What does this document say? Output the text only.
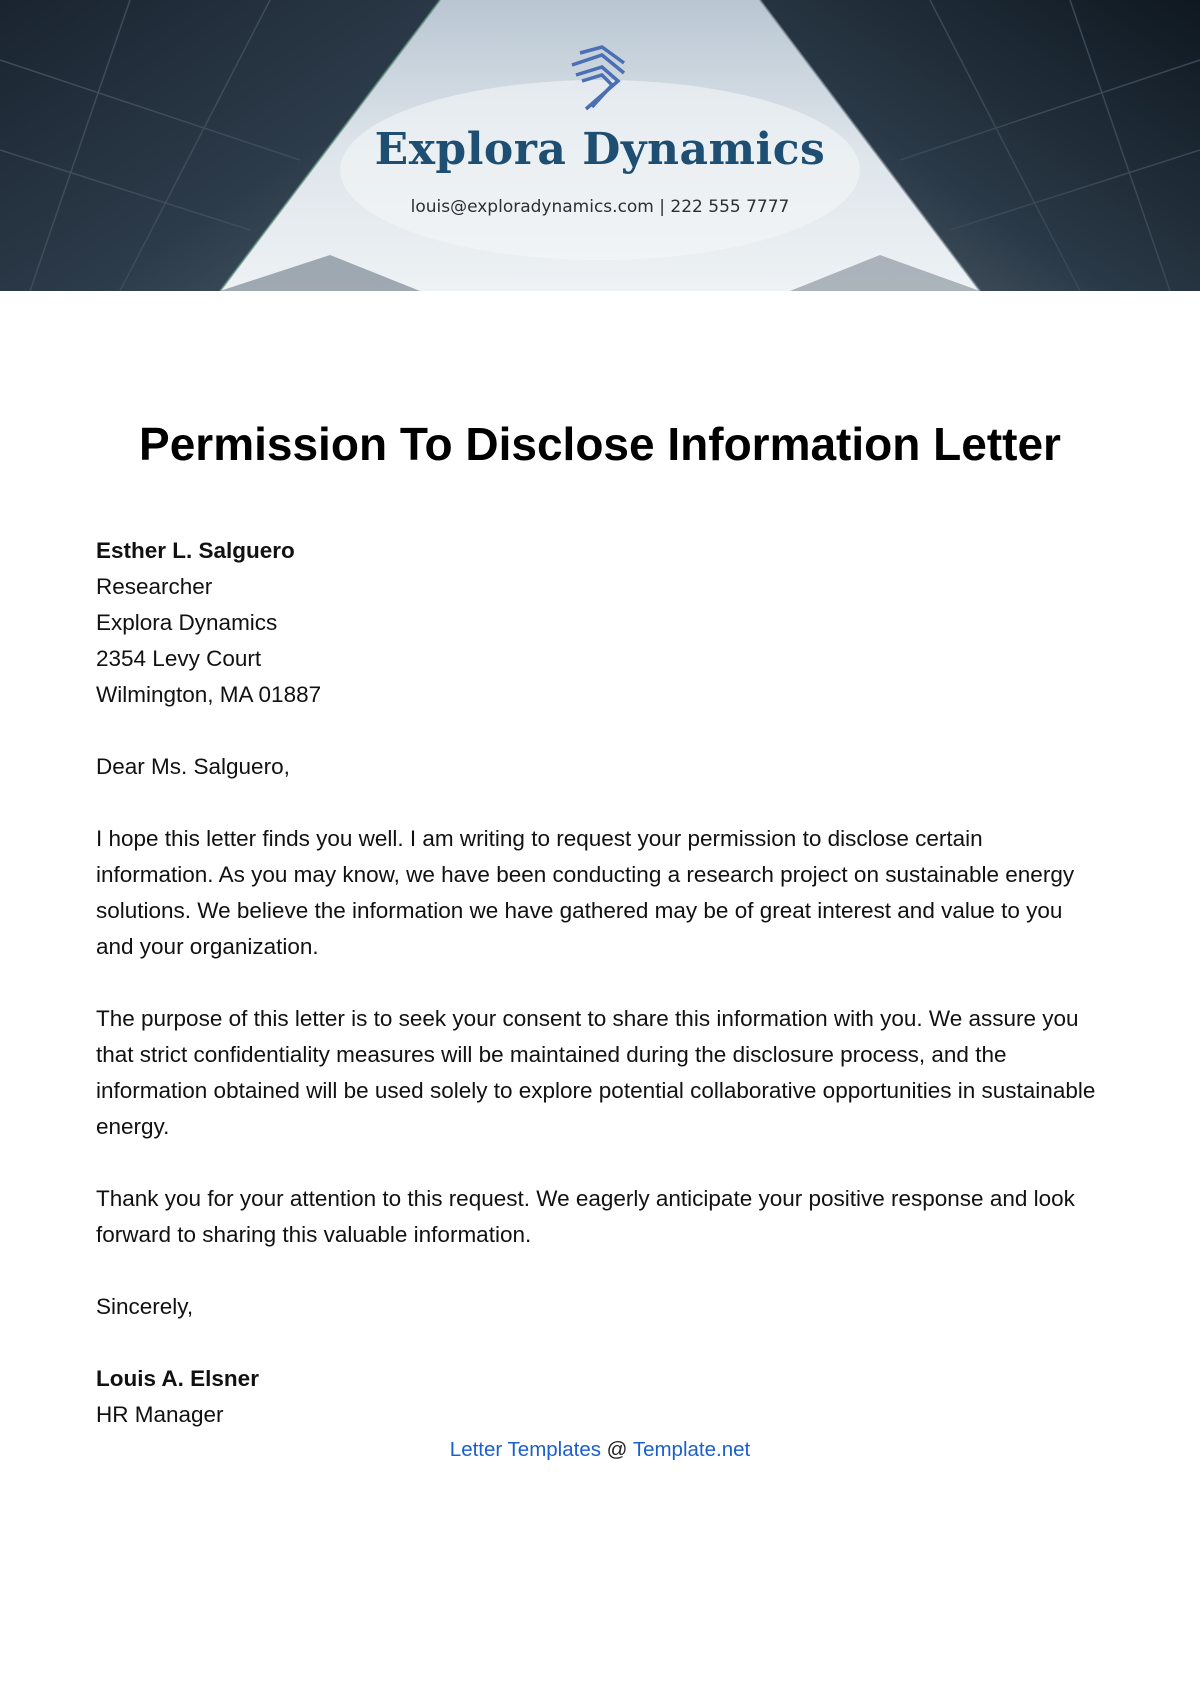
Explora Dynamics
louis@exploradynamics.com | 222 555 7777
Permission To Disclose Information Letter
Esther L. Salguero
Researcher
Explora Dynamics
2354 Levy Court
Wilmington, MA 01887
Dear Ms. Salguero,
I hope this letter finds you well. I am writing to request your permission to disclose certain information. As you may know, we have been conducting a research project on sustainable energy solutions. We believe the information we have gathered may be of great interest and value to you and your organization.
The purpose of this letter is to seek your consent to share this information with you. We assure you that strict confidentiality measures will be maintained during the disclosure process, and the information obtained will be used solely to explore potential collaborative opportunities in sustainable energy.
Thank you for your attention to this request. We eagerly anticipate your positive response and look forward to sharing this valuable information.
Sincerely,
Louis A. Elsner
HR Manager
Letter Templates @ Template.net
